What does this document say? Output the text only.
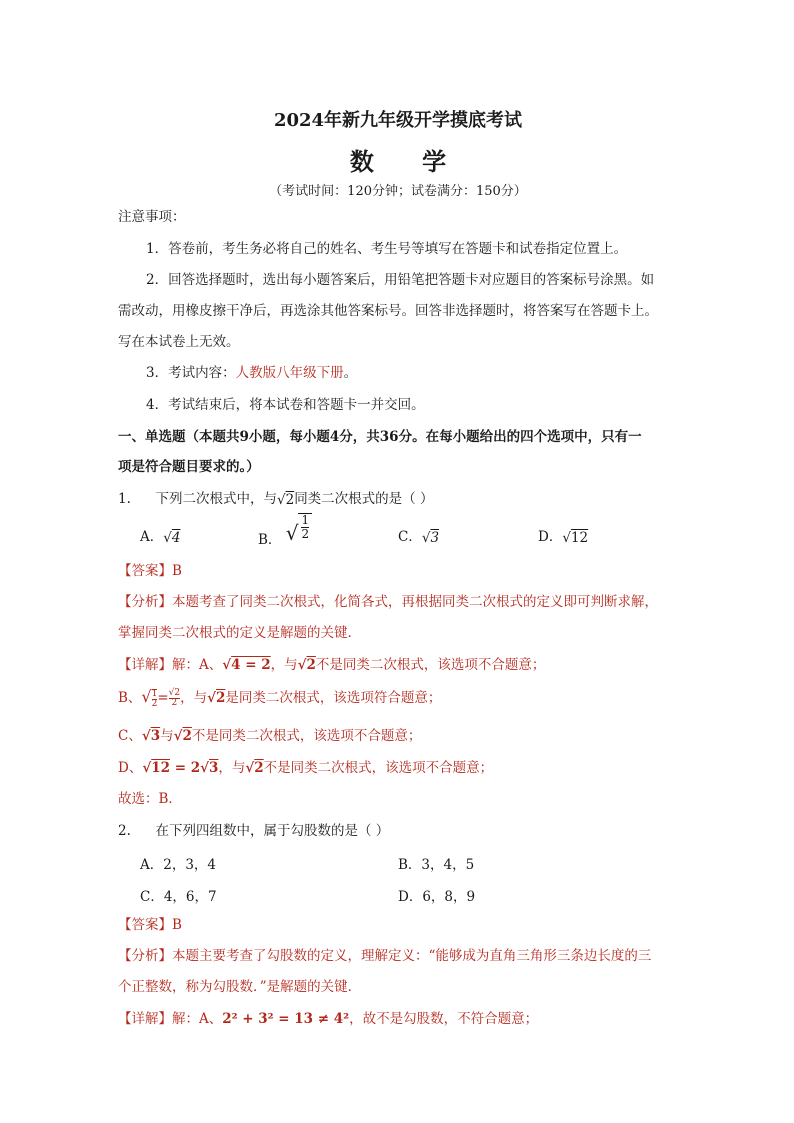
2024年新九年级开学摸底考试
数 学
（考试时间：120分钟；试卷满分：150分）
注意事项：
1．答卷前，考生务必将自己的姓名、考生号等填写在答题卡和试卷指定位置上。
2．回答选择题时，选出每小题答案后，用铅笔把答题卡对应题目的答案标号涂黑。如
需改动，用橡皮擦干净后，再选涂其他答案标号。回答非选择题时，将答案写在答题卡上。
写在本试卷上无效。
3．考试内容：人教版八年级下册。
4．考试结束后，将本试卷和答题卡一并交回。
一、单选题（本题共9小题，每小题4分，共36分。在每小题给出的四个选项中，只有一
项是符合题目要求的。）
1. 下列二次根式中，与√2同类二次根式的是（ ）
A．√4	B． √ $\frac{1}{2}$	C．√3	D．√12
【答案】B
【分析】本题考查了同类二次根式，化简各式，再根据同类二次根式的定义即可判断求解，
掌握同类二次根式的定义是解题的关键．
【详解】解：A、√4 = 2，与√2不是同类二次根式，该选项不合题意；
B、√ $\frac{1}{2} = \frac{√2}{2}$ ，与√2是同类二次根式，该选项符合题意；
C、√3与√2不是同类二次根式，该选项不合题意；
D、√12 = 2√3，与√2不是同类二次根式，该选项不合题意；
故选：B．
2. 在下列四组数中，属于勾股数的是（ ）
A．2，3，4	B．3，4，5
C．4，6，7	D．6，8，9
【答案】B
【分析】本题主要考查了勾股数的定义，理解定义：“能够成为直角三角形三条边长度的三
个正整数，称为勾股数．”是解题的关键．
【详解】解：A、2² + 3² = 13 ≠ 4²，故不是勾股数，不符合题意；
